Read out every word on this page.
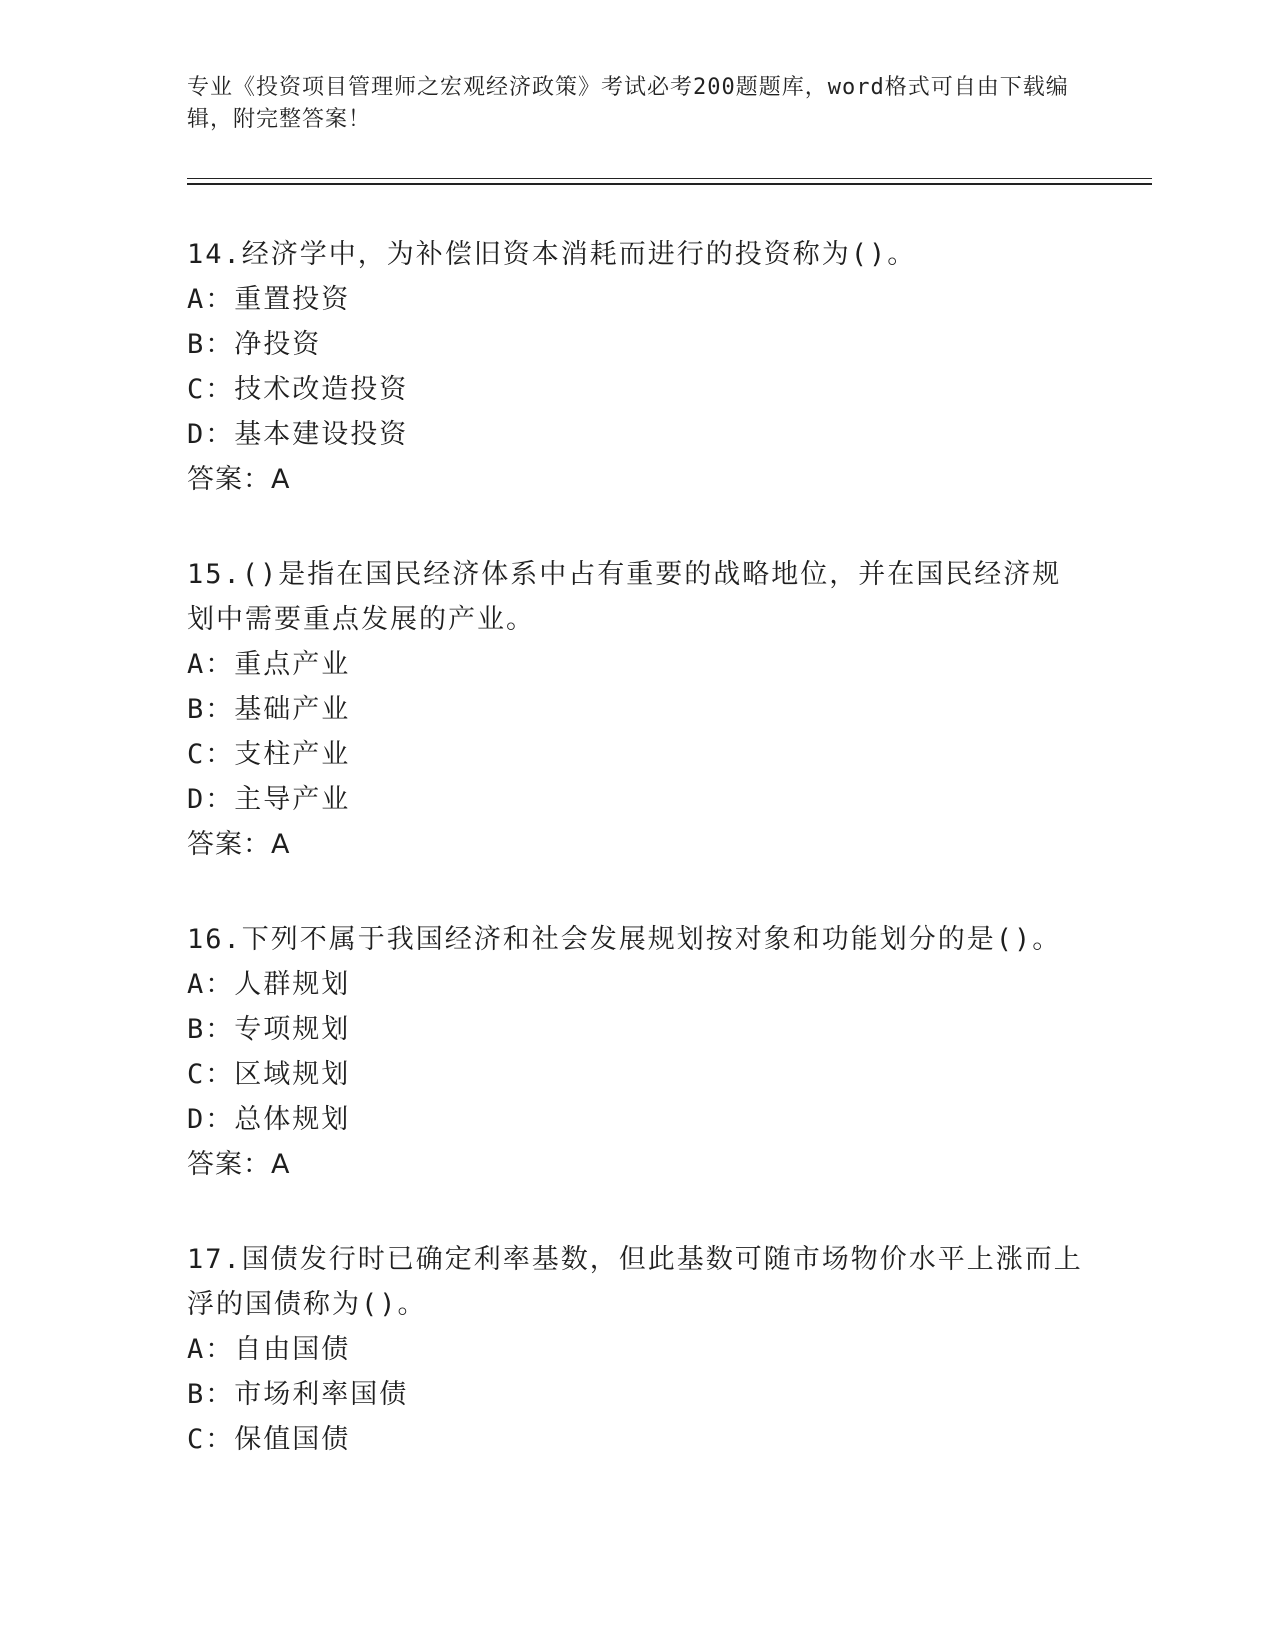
专业《投资项目管理师之宏观经济政策》考试必考200题题库，word格式可自由下载编辑，附完整答案！
14.经济学中，为补偿旧资本消耗而进行的投资称为()。
A：重置投资
B：净投资
C：技术改造投资
D：基本建设投资
答案：A
15.()是指在国民经济体系中占有重要的战略地位，并在国民经济规划中需要重点发展的产业。
A：重点产业
B：基础产业
C：支柱产业
D：主导产业
答案：A
16.下列不属于我国经济和社会发展规划按对象和功能划分的是()。
A：人群规划
B：专项规划
C：区域规划
D：总体规划
答案：A
17.国债发行时已确定利率基数，但此基数可随市场物价水平上涨而上浮的国债称为()。
A：自由国债
B：市场利率国债
C：保值国债
